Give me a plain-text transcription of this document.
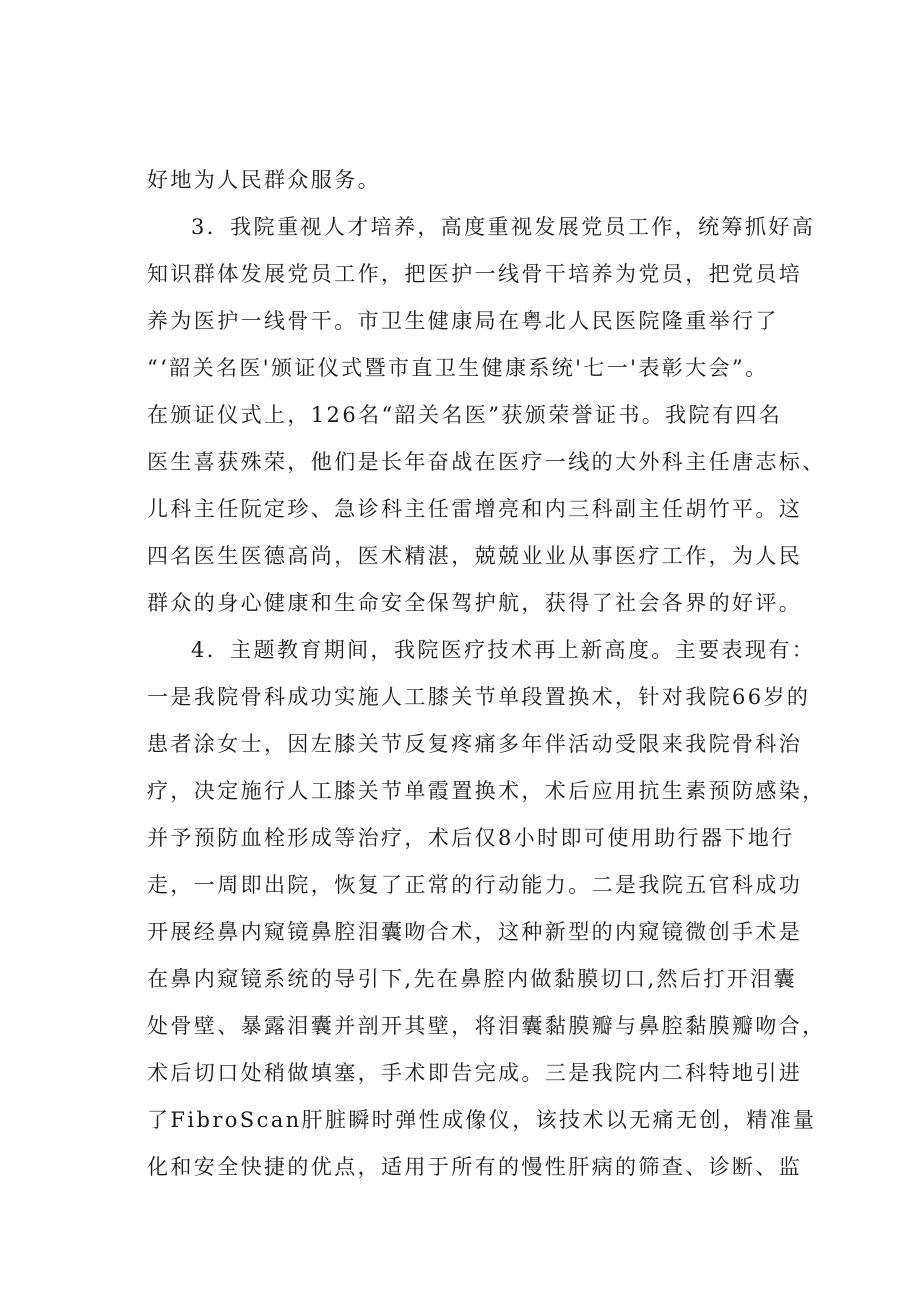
好地为人民群众服务。
3．我院重视人才培养，高度重视发展党员工作，统筹抓好高
知识群体发展党员工作，把医护一线骨干培养为党员，把党员培
养为医护一线骨干。市卫生健康局在粤北人民医院隆重举行了
“‘韶关名医'颁证仪式暨市直卫生健康系统'七一'表彰大会”。
在颁证仪式上，126名“韶关名医”获颁荣誉证书。我院有四名
医生喜获殊荣，他们是长年奋战在医疗一线的大外科主任唐志标、
儿科主任阮定珍、急诊科主任雷增亮和内三科副主任胡竹平。这
四名医生医德高尚，医术精湛，兢兢业业从事医疗工作，为人民
群众的身心健康和生命安全保驾护航，获得了社会各界的好评。
4．主题教育期间，我院医疗技术再上新高度。主要表现有：
一是我院骨科成功实施人工膝关节单段置换术，针对我院66岁的
患者涂女士，因左膝关节反复疼痛多年伴活动受限来我院骨科治
疗，决定施行人工膝关节单霞置换术，术后应用抗生素预防感染，
并予预防血栓形成等治疗，术后仅8小时即可使用助行器下地行
走，一周即出院，恢复了正常的行动能力。二是我院五官科成功
开展经鼻内窥镜鼻腔泪囊吻合术，这种新型的内窥镜微创手术是
在鼻内窥镜系统的导引下,先在鼻腔内做黏膜切口,然后打开泪囊
处骨壁、暴露泪囊并剖开其壁，将泪囊黏膜瓣与鼻腔黏膜瓣吻合，
术后切口处稍做填塞，手术即告完成。三是我院内二科特地引进
了FibroScan肝脏瞬时弹性成像仪，该技术以无痛无创，精准量
化和安全快捷的优点，适用于所有的慢性肝病的筛查、诊断、监
